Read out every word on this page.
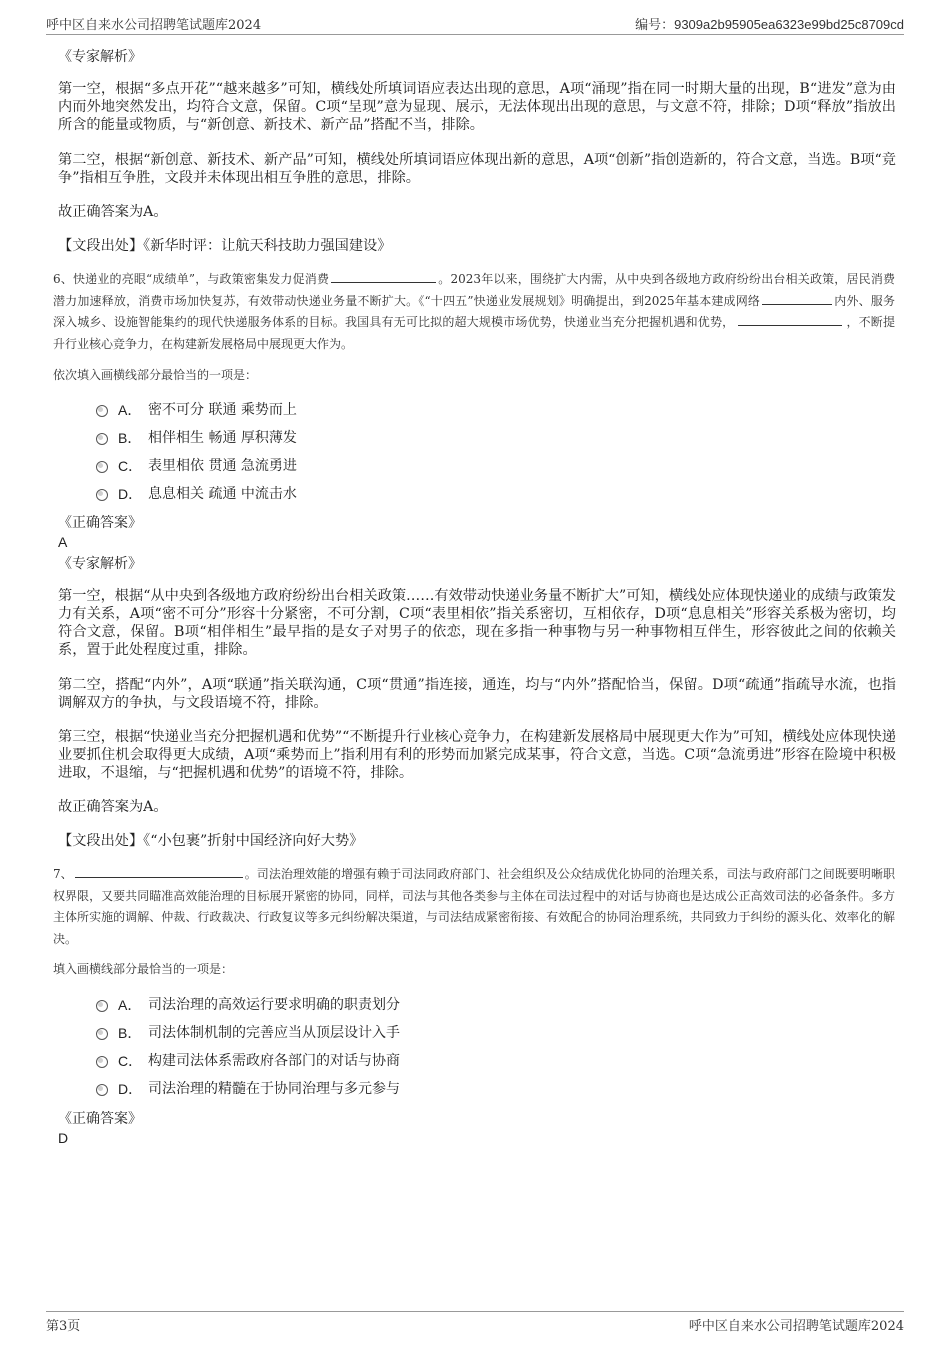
呼中区自来水公司招聘笔试题库2024	编号：9309a2b95905ea6323e99bd25c8709cd
《专家解析》
第一空，根据“多点开花”“越来越多”可知，横线处所填词语应表达出现的意思，A项“涌现”指在同一时期大量的出现，B“进发”意为由内而外地突然发出，均符合文意，保留。C项“呈现”意为显现、展示，无法体现出出现的意思，与文意不符，排除；D项“释放”指放出所含的能量或物质，与“新创意、新技术、新产品”搭配不当，排除。
第二空，根据“新创意、新技术、新产品”可知，横线处所填词语应体现出新的意思，A项“创新”指创造新的，符合文意，当选。B项“竞争”指相互争胜，文段并未体现出相互争胜的意思，排除。
故正确答案为A。
【文段出处】《新华时评：让航天科技助力强国建设》
6、快递业的亮眼“成绩单”，与政策密集发力促消费	。2023年以来，围绕扩大内需，从中央到各级地方政府纷纷出台相关政策，居民消费潜力加速释放，消费市场加快复苏，有效带动快递业务量不断扩大。《“十四五”快递业发展规划》明确提出，到2025年基本建成网络	内外、服务深入城乡、设施智能集约的现代快递服务体系的目标。我国具有无可比拟的超大规模市场优势，快递业当充分把握机遇和优势，	，不断提升行业核心竞争力，在构建新发展格局中展现更大作为。
依次填入画横线部分最恰当的一项是：
A． 密不可分 联通 乘势而上
B． 相伴相生 畅通 厚积薄发
C． 表里相依 贯通 急流勇进
D． 息息相关 疏通 中流击水
《正确答案》
A
《专家解析》
第一空，根据“从中央到各级地方政府纷纷出台相关政策……有效带动快递业务量不断扩大”可知，横线处应体现快递业的成绩与政策发力有关系，A项“密不可分”形容十分紧密，不可分割，C项“表里相依”指关系密切，互相依存，D项“息息相关”形容关系极为密切，均符合文意，保留。B项“相伴相生”最早指的是女子对男子的依恋，现在多指一种事物与另一种事物相互伴生，形容彼此之间的依赖关系，置于此处程度过重，排除。
第二空，搭配“内外”，A项“联通”指关联沟通，C项“贯通”指连接，通连，均与“内外”搭配恰当，保留。D项“疏通”指疏导水流，也指调解双方的争执，与文段语境不符，排除。
第三空，根据“快递业当充分把握机遇和优势”“不断提升行业核心竞争力，在构建新发展格局中展现更大作为”可知，横线处应体现快递业要抓住机会取得更大成绩，A项“乘势而上”指利用有利的形势而加紧完成某事，符合文意，当选。C项“急流勇进”形容在险境中积极进取，不退缩，与“把握机遇和优势”的语境不符，排除。
故正确答案为A。
【文段出处】《“小包裹”折射中国经济向好大势》
7、	。司法治理效能的增强有赖于司法同政府部门、社会组织及公众结成优化协同的治理关系，司法与政府部门之间既要明晰职权界限，又要共同瞄准高效能治理的目标展开紧密的协同，同样，司法与其他各类参与主体在司法过程中的对话与协商也是达成公正高效司法的必备条件。多方主体所实施的调解、仲裁、行政裁决、行政复议等多元纠纷解决渠道，与司法结成紧密衔接、有效配合的协同治理系统，共同致力于纠纷的源头化、效率化的解决。
填入画横线部分最恰当的一项是：
A． 司法治理的高效运行要求明确的职责划分
B． 司法体制机制的完善应当从顶层设计入手
C． 构建司法体系需政府各部门的对话与协商
D． 司法治理的精髓在于协同治理与多元参与
《正确答案》
D
第3页	呼中区自来水公司招聘笔试题库2024
